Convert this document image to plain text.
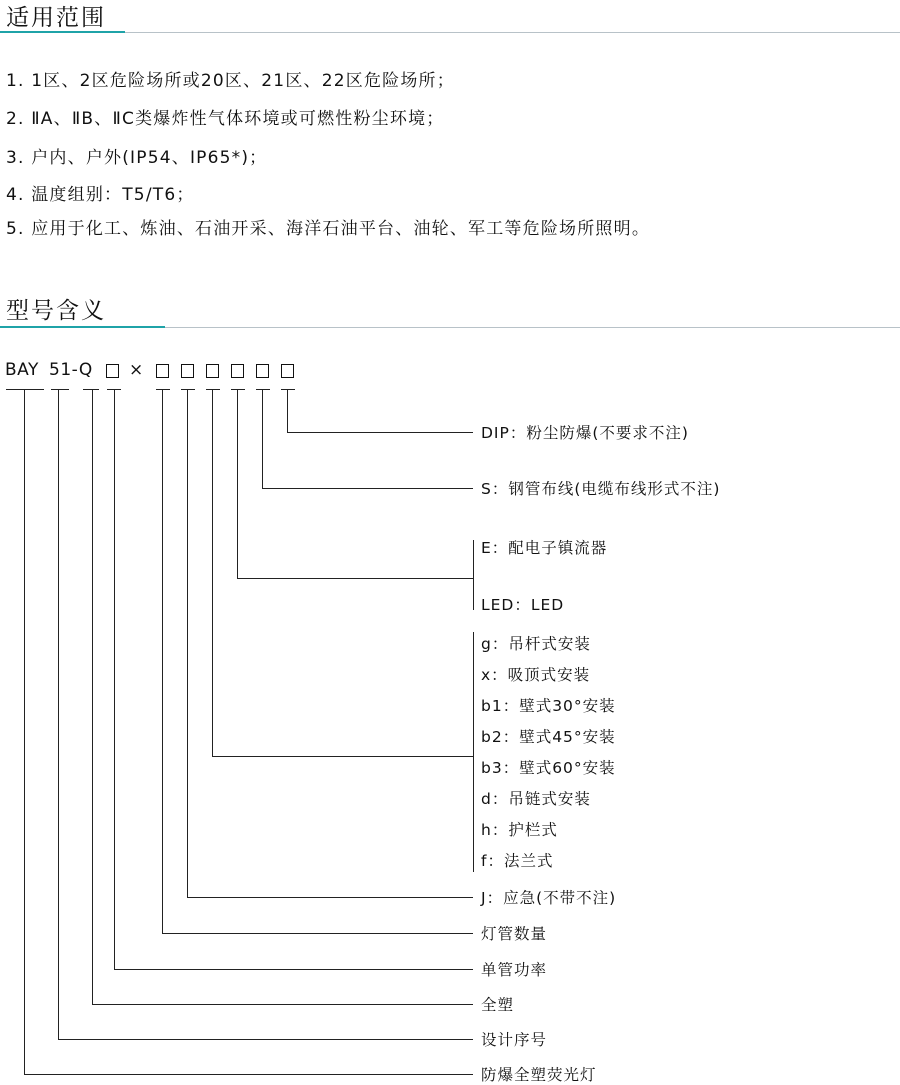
适用范围
1. 1区、2区危险场所或20区、21区、22区危险场所；
2. ⅡA、ⅡB、ⅡC类爆炸性气体环境或可燃性粉尘环境；
3. 户内、户外(IP54、IP65*)；
4. 温度组别：T5/T6；
5. 应用于化工、炼油、石油开采、海洋石油平台、油轮、军工等危险场所照明。
型号含义
BAY 51-Q ×
DIP：粉尘防爆(不要求不注)
S：钢管布线(电缆布线形式不注)
E：配电子镇流器
LED：LED
g：吊杆式安装
x：吸顶式安装
b1：壁式30°安装
b2：壁式45°安装
b3：壁式60°安装
d：吊链式安装
h：护栏式
f：法兰式
J：应急(不带不注)
灯管数量
单管功率
全塑
设计序号
防爆全塑荧光灯
